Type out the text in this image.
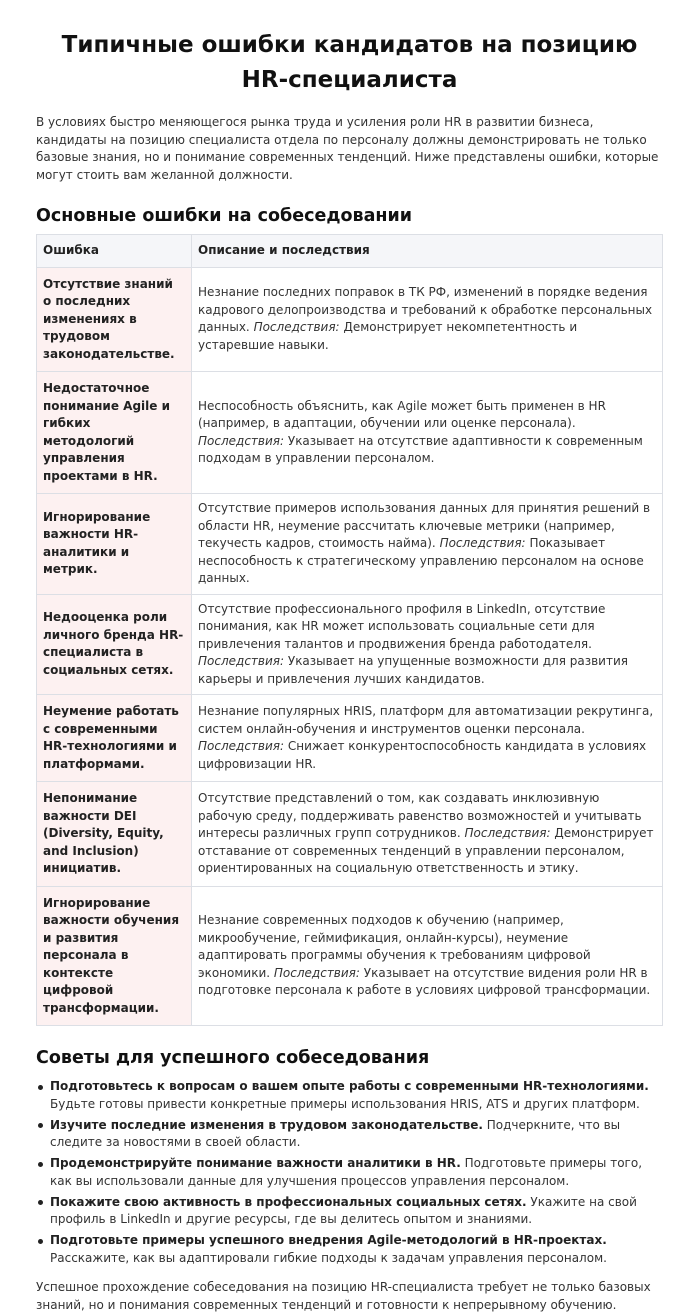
Типичные ошибки кандидатов на позицию HR-специалиста

В условиях быстро меняющегося рынка труда и усиления роли HR в развитии бизнеса, кандидаты на позицию специалиста отдела по персоналу должны демонстрировать не только базовые знания, но и понимание современных тенденций. Ниже представлены ошибки, которые могут стоить вам желанной должности.

Основные ошибки на собеседовании
Ошибка	Описание и последствия
Отсутствие знаний о последних изменениях в трудовом законодательстве.	Незнание последних поправок в ТК РФ, изменений в порядке ведения кадрового делопроизводства и требований к обработке персональных данных. Последствия: Демонстрирует некомпетентность и устаревшие навыки.
Недостаточное понимание Agile и гибких методологий управления проектами в HR.	Неспособность объяснить, как Agile может быть применен в HR (например, в адаптации, обучении или оценке персонала). Последствия: Указывает на отсутствие адаптивности к современным подходам в управлении персоналом.
Игнорирование важности HR-аналитики и метрик.	Отсутствие примеров использования данных для принятия решений в области HR, неумение рассчитать ключевые метрики (например, текучесть кадров, стоимость найма). Последствия: Показывает неспособность к стратегическому управлению персоналом на основе данных.
Недооценка роли личного бренда HR-специалиста в социальных сетях.	Отсутствие профессионального профиля в LinkedIn, отсутствие понимания, как HR может использовать социальные сети для привлечения талантов и продвижения бренда работодателя. Последствия: Указывает на упущенные возможности для развития карьеры и привлечения лучших кандидатов.
Неумение работать с современными HR-технологиями и платформами.	Незнание популярных HRIS, платформ для автоматизации рекрутинга, систем онлайн-обучения и инструментов оценки персонала. Последствия: Снижает конкурентоспособность кандидата в условиях цифровизации HR.
Непонимание важности DEI (Diversity, Equity, and Inclusion) инициатив.	Отсутствие представлений о том, как создавать инклюзивную рабочую среду, поддерживать равенство возможностей и учитывать интересы различных групп сотрудников. Последствия: Демонстрирует отставание от современных тенденций в управлении персоналом, ориентированных на социальную ответственность и этику.
Игнорирование важности обучения и развития персонала в контексте цифровой трансформации.	Незнание современных подходов к обучению (например, микрообучение, геймификация, онлайн-курсы), неумение адаптировать программы обучения к требованиям цифровой экономики. Последствия: Указывает на отсутствие видения роли HR в подготовке персонала к работе в условиях цифровой трансформации.
Советы для успешного собеседования
Подготовьтесь к вопросам о вашем опыте работы с современными HR-технологиями. Будьте готовы привести конкретные примеры использования HRIS, ATS и других платформ.
Изучите последние изменения в трудовом законодательстве. Подчеркните, что вы следите за новостями в своей области.
Продемонстрируйте понимание важности аналитики в HR. Подготовьте примеры того, как вы использовали данные для улучшения процессов управления персоналом.
Покажите свою активность в профессиональных социальных сетях. Укажите на свой профиль в LinkedIn и другие ресурсы, где вы делитесь опытом и знаниями.
Подготовьте примеры успешного внедрения Agile-методологий в HR-проектах. Расскажите, как вы адаптировали гибкие подходы к задачам управления персоналом.

Успешное прохождение собеседования на позицию HR-специалиста требует не только базовых знаний, но и понимания современных тенденций и готовности к непрерывному обучению.
